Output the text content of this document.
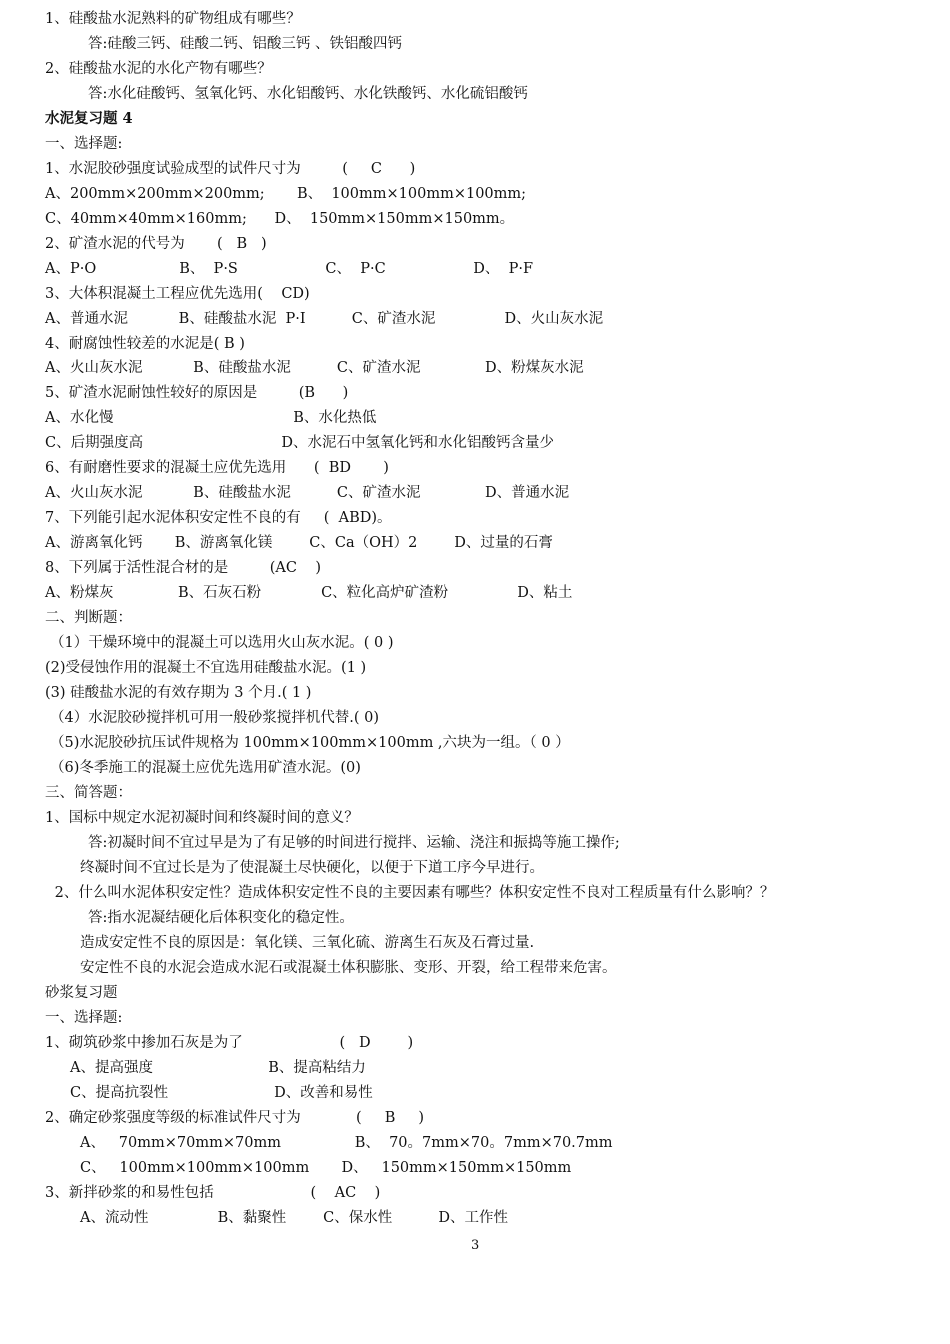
1、硅酸盐水泥熟料的矿物组成有哪些？
答:硅酸三钙、硅酸二钙、铝酸三钙 、铁铝酸四钙
2、硅酸盐水泥的水化产物有哪些？
答:水化硅酸钙、氢氧化钙、水化铝酸钙、水化铁酸钙、水化硫铝酸钙
水泥复习题 4
一、选择题:
1、水泥胶砂强度试验成型的试件尺寸为         (     C      )
A、200mm×200mm×200mm;       B、  100mm×100mm×100mm;
C、40mm×40mm×160mm;      D、  150mm×150mm×150mm。
2、矿渣水泥的代号为       (   B   )
A、P·O                  B、  P·S                   C、  P·C                   D、  P·F
3、大体积混凝土工程应优先选用(    CD)
A、普通水泥           B、硅酸盐水泥  P·I          C、矿渣水泥               D、火山灰水泥
4、耐腐蚀性较差的水泥是( B )
A、火山灰水泥           B、硅酸盐水泥          C、矿渣水泥              D、粉煤灰水泥
5、矿渣水泥耐蚀性较好的原因是         (B      )
A、水化慢                                       B、水化热低
C、后期强度高                              D、水泥石中氢氧化钙和水化铝酸钙含量少
6、有耐磨性要求的混凝土应优先选用      (  BD       )
A、火山灰水泥           B、硅酸盐水泥          C、矿渣水泥              D、普通水泥
7、下列能引起水泥体积安定性不良的有     (  ABD)。
A、游离氧化钙       B、游离氧化镁        C、Ca（OH）2        D、过量的石膏
8、下列属于活性混合材的是         (AC    )
A、粉煤灰              B、石灰石粉             C、粒化高炉矿渣粉               D、粘土
二、判断题：
（1）干燥环境中的混凝土可以选用火山灰水泥。( 0 )
(2)受侵蚀作用的混凝土不宜选用硅酸盐水泥。(1 )
(3) 硅酸盐水泥的有效存期为 3 个月.( 1 )
（4）水泥胶砂搅拌机可用一般砂浆搅拌机代替.( 0)
（5)水泥胶砂抗压试件规格为 100mm×100mm×100mm ,六块为一组。（ 0 ）
（6)冬季施工的混凝土应优先选用矿渣水泥。(0)
三、简答题：
1、国标中规定水泥初凝时间和终凝时间的意义？
答:初凝时间不宜过早是为了有足够的时间进行搅拌、运输、浇注和振捣等施工操作;
终凝时间不宜过长是为了使混凝土尽快硬化，以便于下道工序今早进行。
2、什么叫水泥体积安定性？造成体积安定性不良的主要因素有哪些？体积安定性不良对工程质量有什么影响？？
答:指水泥凝结硬化后体积变化的稳定性。
造成安定性不良的原因是：氧化镁、三氧化硫、游离生石灰及石膏过量.
安定性不良的水泥会造成水泥石或混凝土体积膨胀、变形、开裂，给工程带来危害。
砂浆复习题
一、选择题:
1、砌筑砂浆中掺加石灰是为了                     (   D        )
A、提高强度                         B、提高粘结力
C、提高抗裂性                       D、改善和易性
2、确定砂浆强度等级的标准试件尺寸为            (     B     )
A、   70mm×70mm×70mm                B、  70。7mm×70。7mm×70.7mm
C、   100mm×100mm×100mm       D、   150mm×150mm×150mm
3、新拌砂浆的和易性包括                     (    AC    )
A、流动性               B、黏聚性        C、保水性          D、工作性
3
